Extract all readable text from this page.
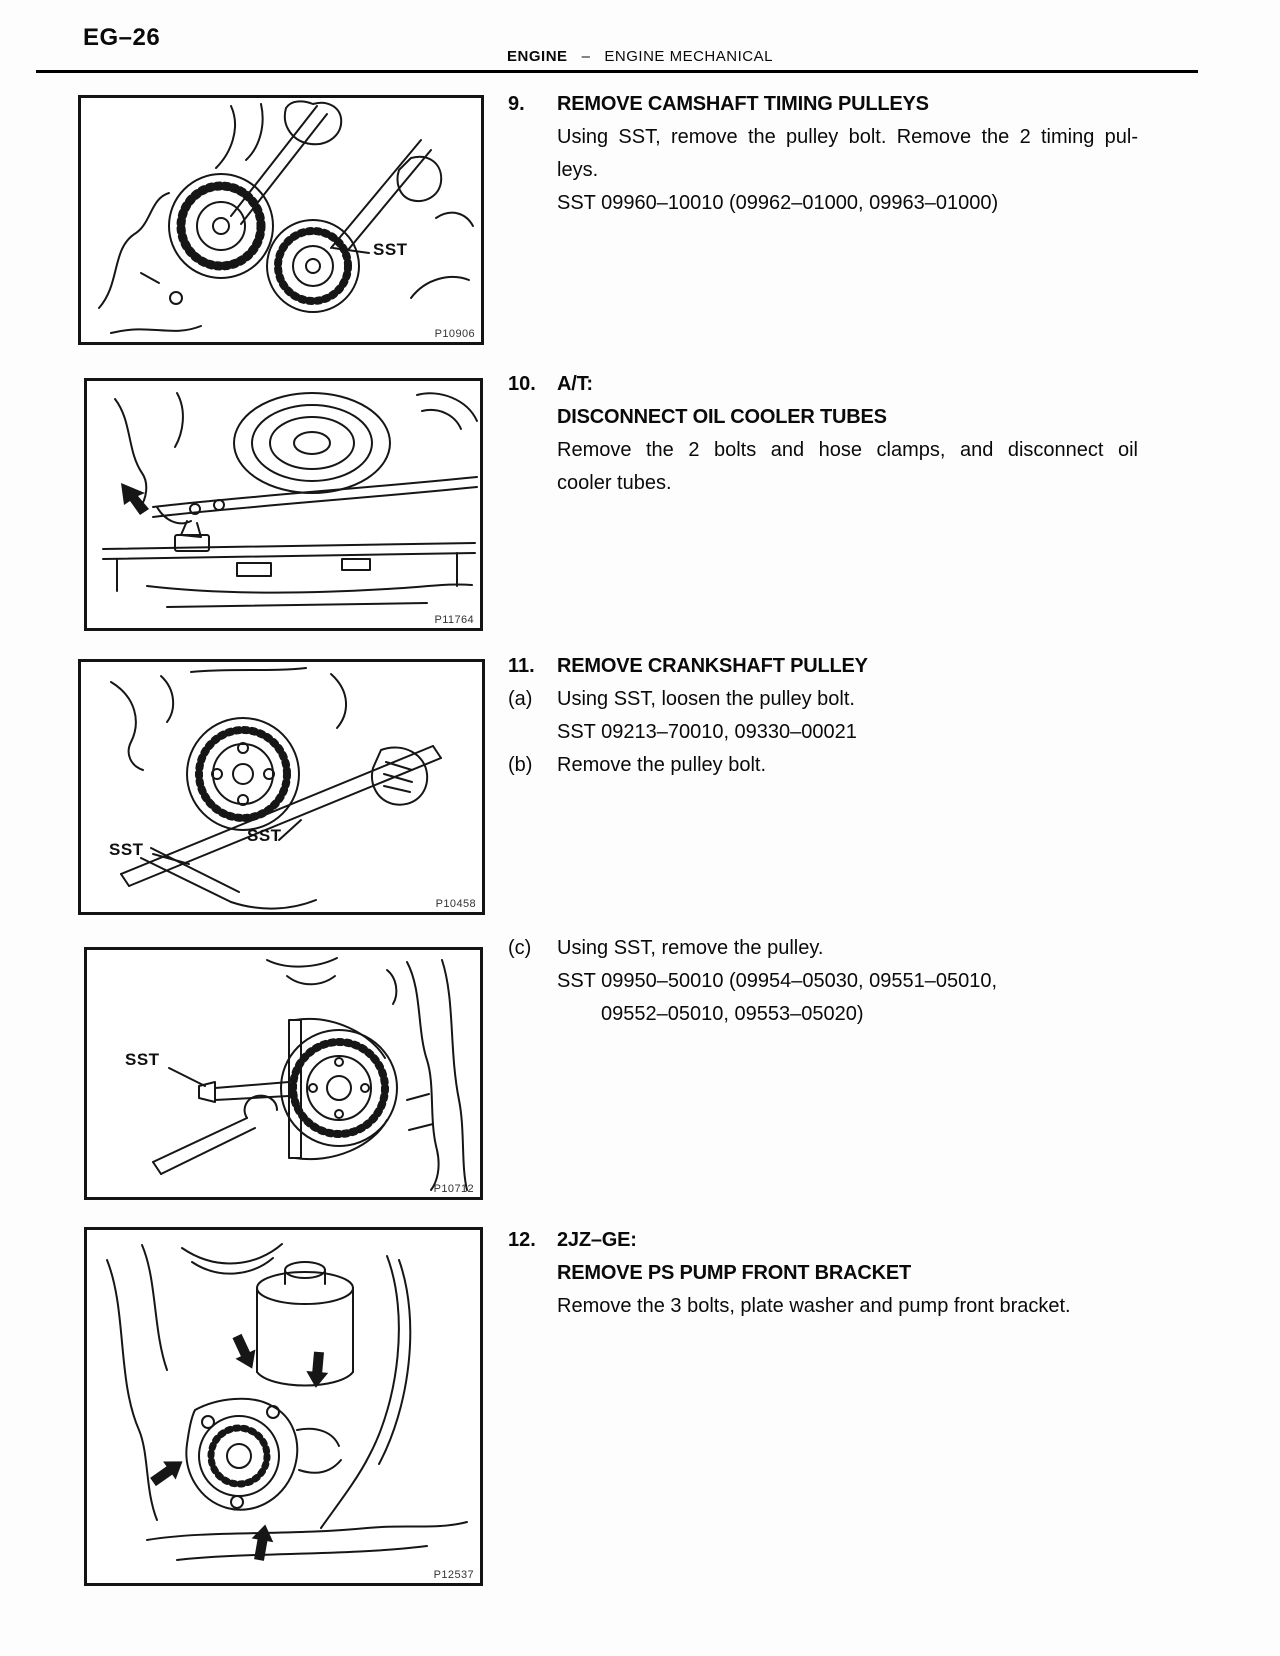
EG–26
ENGINE – ENGINE MECHANICAL
SST
P10906
P11764
SST
SST
P10458
SST
P10712
P12537
9.	REMOVE CAMSHAFT TIMING PULLEYS
Using SST, remove the pulley bolt. Remove the 2 timing pul-
leys.
SST 09960–10010 (09962–01000, 09963–01000)
10.	A/T:
DISCONNECT OIL COOLER TUBES
Remove the 2 bolts and hose clamps, and disconnect oil
cooler tubes.
11.	REMOVE CRANKSHAFT PULLEY
(a)	Using SST, loosen the pulley bolt.
SST 09213–70010, 09330–00021
(b)	Remove the pulley bolt.
(c)	Using SST, remove the pulley.
SST 09950–50010 (09954–05030, 09551–05010,
09552–05010, 09553–05020)
12.	2JZ–GE:
REMOVE PS PUMP FRONT BRACKET
Remove the 3 bolts, plate washer and pump front bracket.
